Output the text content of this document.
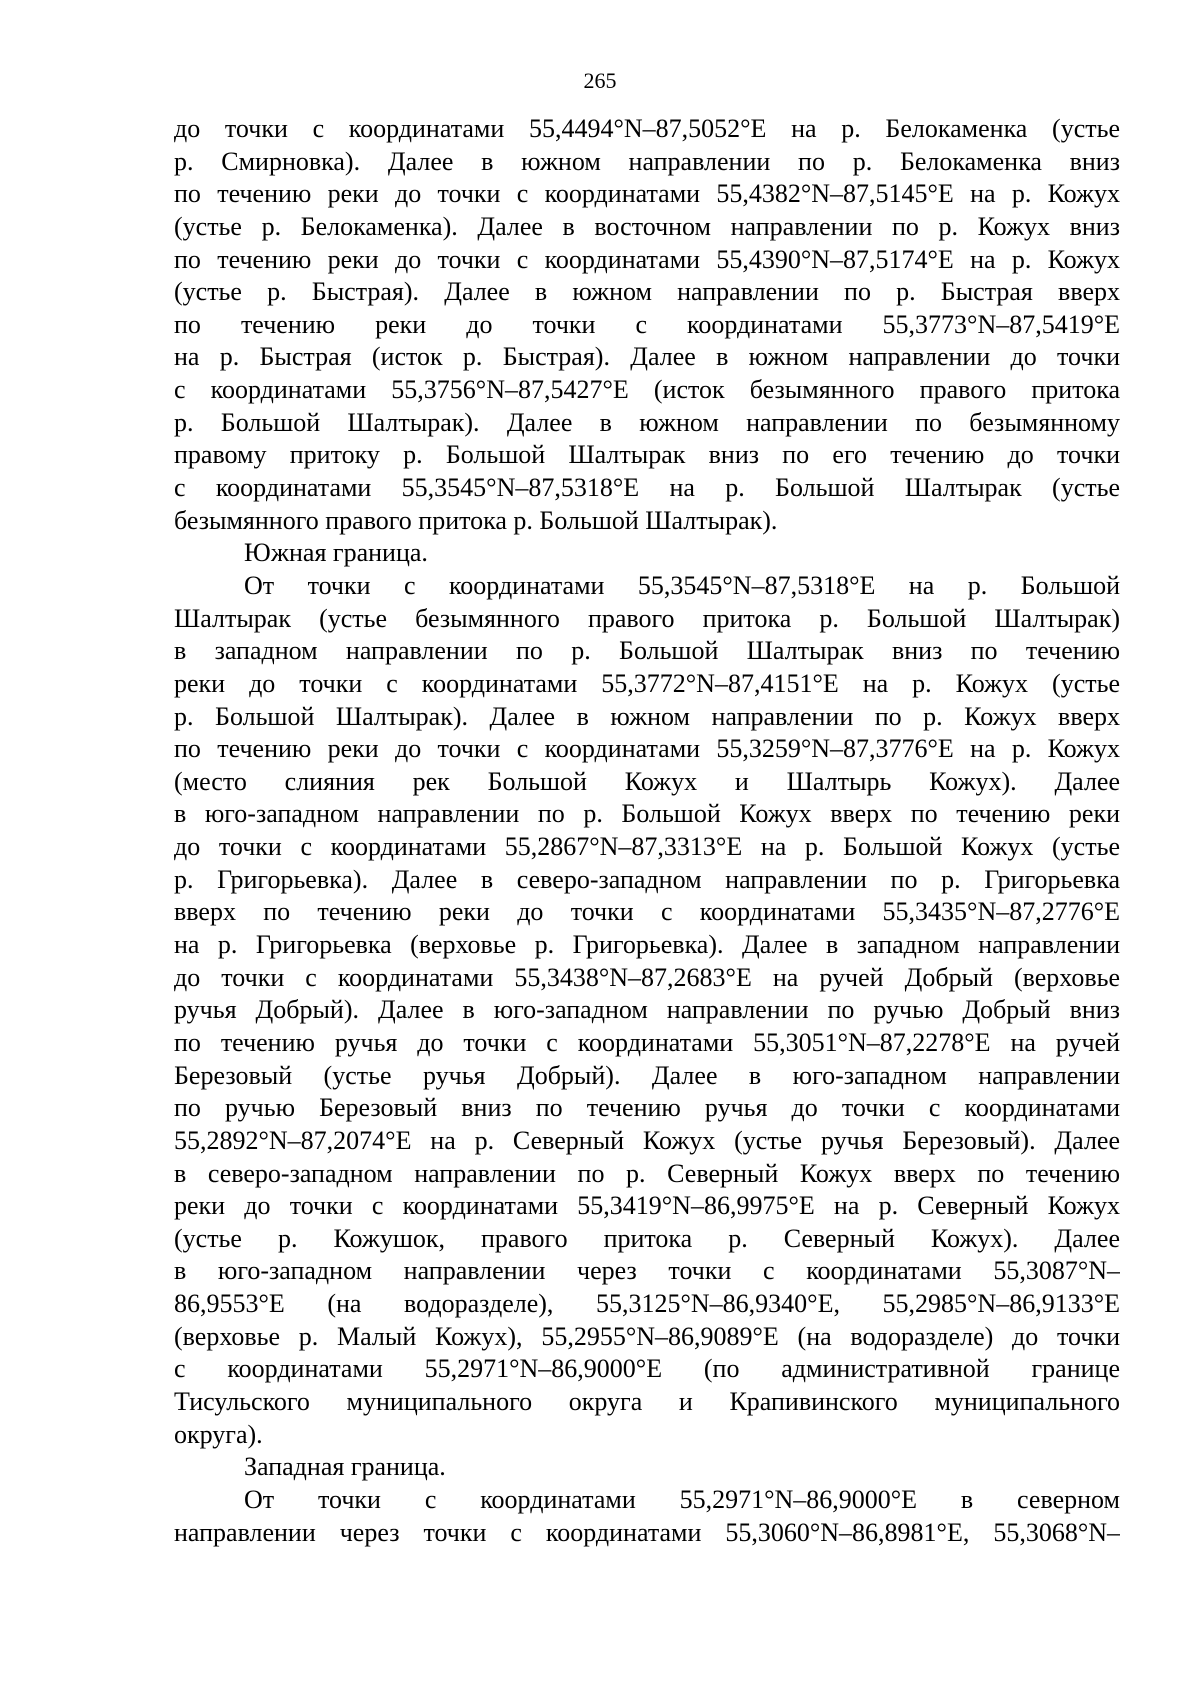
265
до точки с координатами 55,4494°N–87,5052°E на р. Белокаменка (устье
р. Смирновка). Далее в южном направлении по р. Белокаменка вниз
по течению реки до точки с координатами 55,4382°N–87,5145°E на р. Кожух
(устье р. Белокаменка). Далее в восточном направлении по р. Кожух вниз
по течению реки до точки с координатами 55,4390°N–87,5174°E на р. Кожух
(устье р. Быстрая). Далее в южном направлении по р. Быстрая вверх
по течению реки до точки с координатами 55,3773°N–87,5419°E
на р. Быстрая (исток р. Быстрая). Далее в южном направлении до точки
с координатами 55,3756°N–87,5427°E (исток безымянного правого притока
р. Большой Шалтырак). Далее в южном направлении по безымянному
правому притоку р. Большой Шалтырак вниз по его течению до точки
с координатами 55,3545°N–87,5318°E на р. Большой Шалтырак (устье
безымянного правого притока р. Большой Шалтырак).
Южная граница.
От точки с координатами 55,3545°N–87,5318°E на р. Большой
Шалтырак (устье безымянного правого притока р. Большой Шалтырак)
в западном направлении по р. Большой Шалтырак вниз по течению
реки до точки с координатами 55,3772°N–87,4151°E на р. Кожух (устье
р. Большой Шалтырак). Далее в южном направлении по р. Кожух вверх
по течению реки до точки с координатами 55,3259°N–87,3776°E на р. Кожух
(место слияния рек Большой Кожух и Шалтырь Кожух). Далее
в юго-западном направлении по р. Большой Кожух вверх по течению реки
до точки с координатами 55,2867°N–87,3313°E на р. Большой Кожух (устье
р. Григорьевка). Далее в северо-западном направлении по р. Григорьевка
вверх по течению реки до точки с координатами 55,3435°N–87,2776°E
на р. Григорьевка (верховье р. Григорьевка). Далее в западном направлении
до точки с координатами 55,3438°N–87,2683°E на ручей Добрый (верховье
ручья Добрый). Далее в юго-западном направлении по ручью Добрый вниз
по течению ручья до точки с координатами 55,3051°N–87,2278°E на ручей
Березовый (устье ручья Добрый). Далее в юго-западном направлении
по ручью Березовый вниз по течению ручья до точки с координатами
55,2892°N–87,2074°E на р. Северный Кожух (устье ручья Березовый). Далее
в северо-западном направлении по р. Северный Кожух вверх по течению
реки до точки с координатами 55,3419°N–86,9975°E на р. Северный Кожух
(устье р. Кожушок, правого притока р. Северный Кожух). Далее
в юго-западном направлении через точки с координатами 55,3087°N–
86,9553°E (на водоразделе), 55,3125°N–86,9340°E, 55,2985°N–86,9133°E
(верховье р. Малый Кожух), 55,2955°N–86,9089°E (на водоразделе) до точки
с координатами 55,2971°N–86,9000°E (по административной границе
Тисульского муниципального округа и Крапивинского муниципального
округа).
Западная граница.
От точки с координатами 55,2971°N–86,9000°E в северном
направлении через точки с координатами 55,3060°N–86,8981°E, 55,3068°N–
